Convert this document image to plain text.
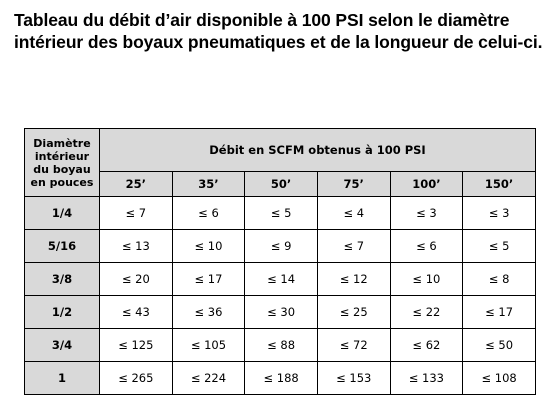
Tableau du débit d’air disponible à 100 PSI selon le diamètre
intérieur des boyaux pneumatiques et de la longueur de celui-ci.
Diamètre
intérieur
du boyau
en pouces	Débit en SCFM obtenus à 100 PSI					
	25’	35’	50’	75’	100’	150’
1/4	≤ 7	≤ 6	≤ 5	≤ 4	≤ 3	≤ 3
5/16	≤ 13	≤ 10	≤ 9	≤ 7	≤ 6	≤ 5
3/8	≤ 20	≤ 17	≤ 14	≤ 12	≤ 10	≤ 8
1/2	≤ 43	≤ 36	≤ 30	≤ 25	≤ 22	≤ 17
3/4	≤ 125	≤ 105	≤ 88	≤ 72	≤ 62	≤ 50
1	≤ 265	≤ 224	≤ 188	≤ 153	≤ 133	≤ 108
